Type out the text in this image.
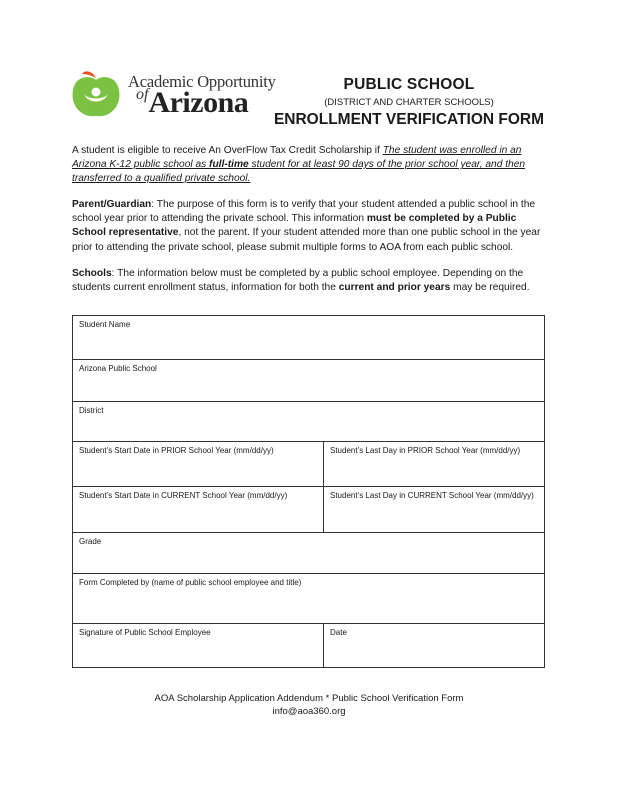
Academic Opportunity
ofArizona
PUBLIC SCHOOL
(DISTRICT AND CHARTER SCHOOLS)
ENROLLMENT VERIFICATION FORM
A student is eligible to receive An OverFlow Tax Credit Scholarship if The student was enrolled in an Arizona K-12 public school as full-time student for at least 90 days of the prior school year, and then transferred to a qualified private school.
Parent/Guardian: The purpose of this form is to verify that your student attended a public school in the school year prior to attending the private school. This information must be completed by a Public School representative, not the parent. If your student attended more than one public school in the year prior to attending the private school, please submit multiple forms to AOA from each public school.
Schools: The information below must be completed by a public school employee. Depending on the students current enrollment status, information for both the current and prior years may be required.
Student Name
Arizona Public School
District
Student’s Start Date in PRIOR School Year (mm/dd/yy)	Student’s Last Day in PRIOR School Year (mm/dd/yy)
Student’s Start Date in CURRENT School Year (mm/dd/yy)	Student’s Last Day in CURRENT School Year (mm/dd/yy)
Grade
Form Completed by (name of public school employee and title)
Signature of Public School Employee	Date
AOA Scholarship Application Addendum * Public School Verification Form
info@aoa360.org
